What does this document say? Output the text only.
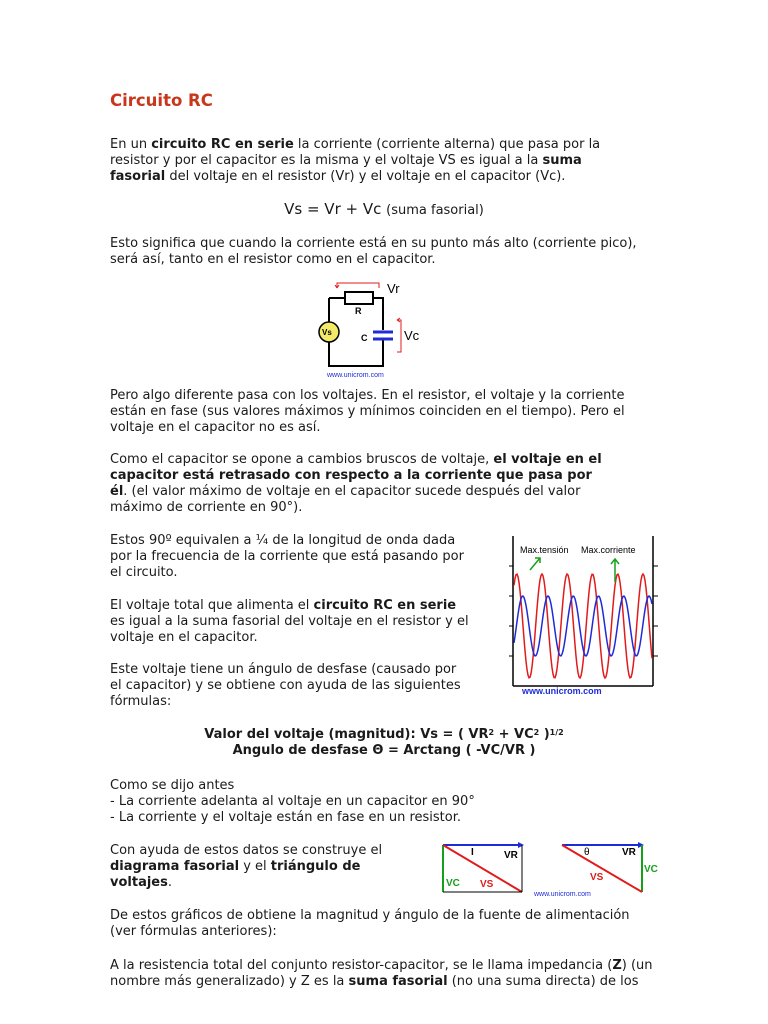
Circuito RC

En un circuito RC en serie la corriente (corriente alterna) que pasa por la resistor y por el capacitor es la misma y el voltaje VS es igual a la suma fasorial del voltaje en el resistor (Vr) y el voltaje en el capacitor (Vc).

Vs = Vr + Vc (suma fasorial)

Esto significa que cuando la corriente está en su punto más alto (corriente pico), será así, tanto en el resistor como en el capacitor.

R
C
Vs
Vr
Vc
www.unicrom.com

Pero algo diferente pasa con los voltajes. En el resistor, el voltaje y la corriente están en fase (sus valores máximos y mínimos coinciden en el tiempo). Pero el voltaje en el capacitor no es así.

Como el capacitor se opone a cambios bruscos de voltaje, el voltaje en el capacitor está retrasado con respecto a la corriente que pasa por él. (el valor máximo de voltaje en el capacitor sucede después del valor máximo de corriente en 90°).

Estos 90º equivalen a ¼ de la longitud de onda dada por la frecuencia de la corriente que está pasando por el circuito.

El voltaje total que alimenta el circuito RC en serie es igual a la suma fasorial del voltaje en el resistor y el voltaje en el capacitor.

Este voltaje tiene un ángulo de desfase (causado por el capacitor) y se obtiene con ayuda de las siguientes fórmulas:

Valor del voltaje (magnitud): Vs = ( $VR^2 + VC^2$ )$^{1/2}$
Angulo de desfase Θ = Arctang ( -VC/VR )
Como se dijo antes
- La corriente adelanta al voltaje en un capacitor en 90°
- La corriente y el voltaje están en fase en un resistor.

Con ayuda de estos datos se construye el diagrama fasorial y el triángulo de voltajes.

De estos gráficos de obtiene la magnitud y ángulo de la fuente de alimentación (ver fórmulas anteriores):

A la resistencia total del conjunto resistor-capacitor, se le llama impedancia (Z) (un nombre más generalizado) y Z es la suma fasorial (no una suma directa) de los

Max.tensión Max.corriente
www.unicrom.com
I	VR
VC VS
θ	VR
VC
VS
www.unicrom.com
